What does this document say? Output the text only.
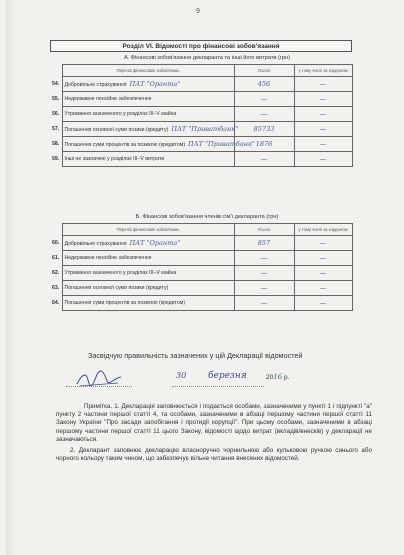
9
Розділ VI. Відомості про фінансові зобов'язання
А. Фінансові зобов'язання декларанта та інші його витрати (грн)
	Перелік фінансових зобов'язань	Усього	у тому числі за кордоном
54.	Добровільне страхування ПАТ "Оранта"	456	—
55.	Недержавне пенсійне забезпечення	—	—
56.	Утримання зазначеного у розділах III–V майна	—	—
57.	Погашення основної суми позики (кредиту) ПАТ "Приватбанк"	85733	—
58.	Погашення суми процентів за позикою (кредитом) ПАТ "Приватбанк"	1876	—
59.	Інші не зазначені у розділах III–V витрати	—	—
Б. Фінансові зобов'язання членів сім'ї декларанта (грн)
	Перелік фінансових зобов'язань	Усього	у тому числі за кордоном
60.	Добровільне страхування ПАТ "Оранта"	857	—
61.	Недержавне пенсійне забезпечення	—	—
62.	Утримання зазначеного у розділах III–V майна	—	—
63.	Погашення основної суми позики (кредиту)	—	—
64.	Погашення суми процентів за позикою (кредитом)	—	—
Засвідчую правильність зазначених у цій Декларації відомостей
30 березня	2016 р.

Примітка. 1. Декларація заповнюється і подається особами, зазначеними у пункті 1 і підпункті "а" пункту 2 частини першої статті 4, та особами, зазначеними в абзаці першому частини першої статті 11 Закону України "Про засади запобігання і протидії корупції". При цьому особами, зазначеними в абзаці першому частини першої статті 11 цього Закону, відомості щодо витрат (вкладів/внесків) у декларації не зазначаються.

2. Декларант заповнює декларацію власноручно чорнильною або кульковою ручкою синього або чорного кольору таким чином, що забезпечує вільне читання внесених відомостей.
